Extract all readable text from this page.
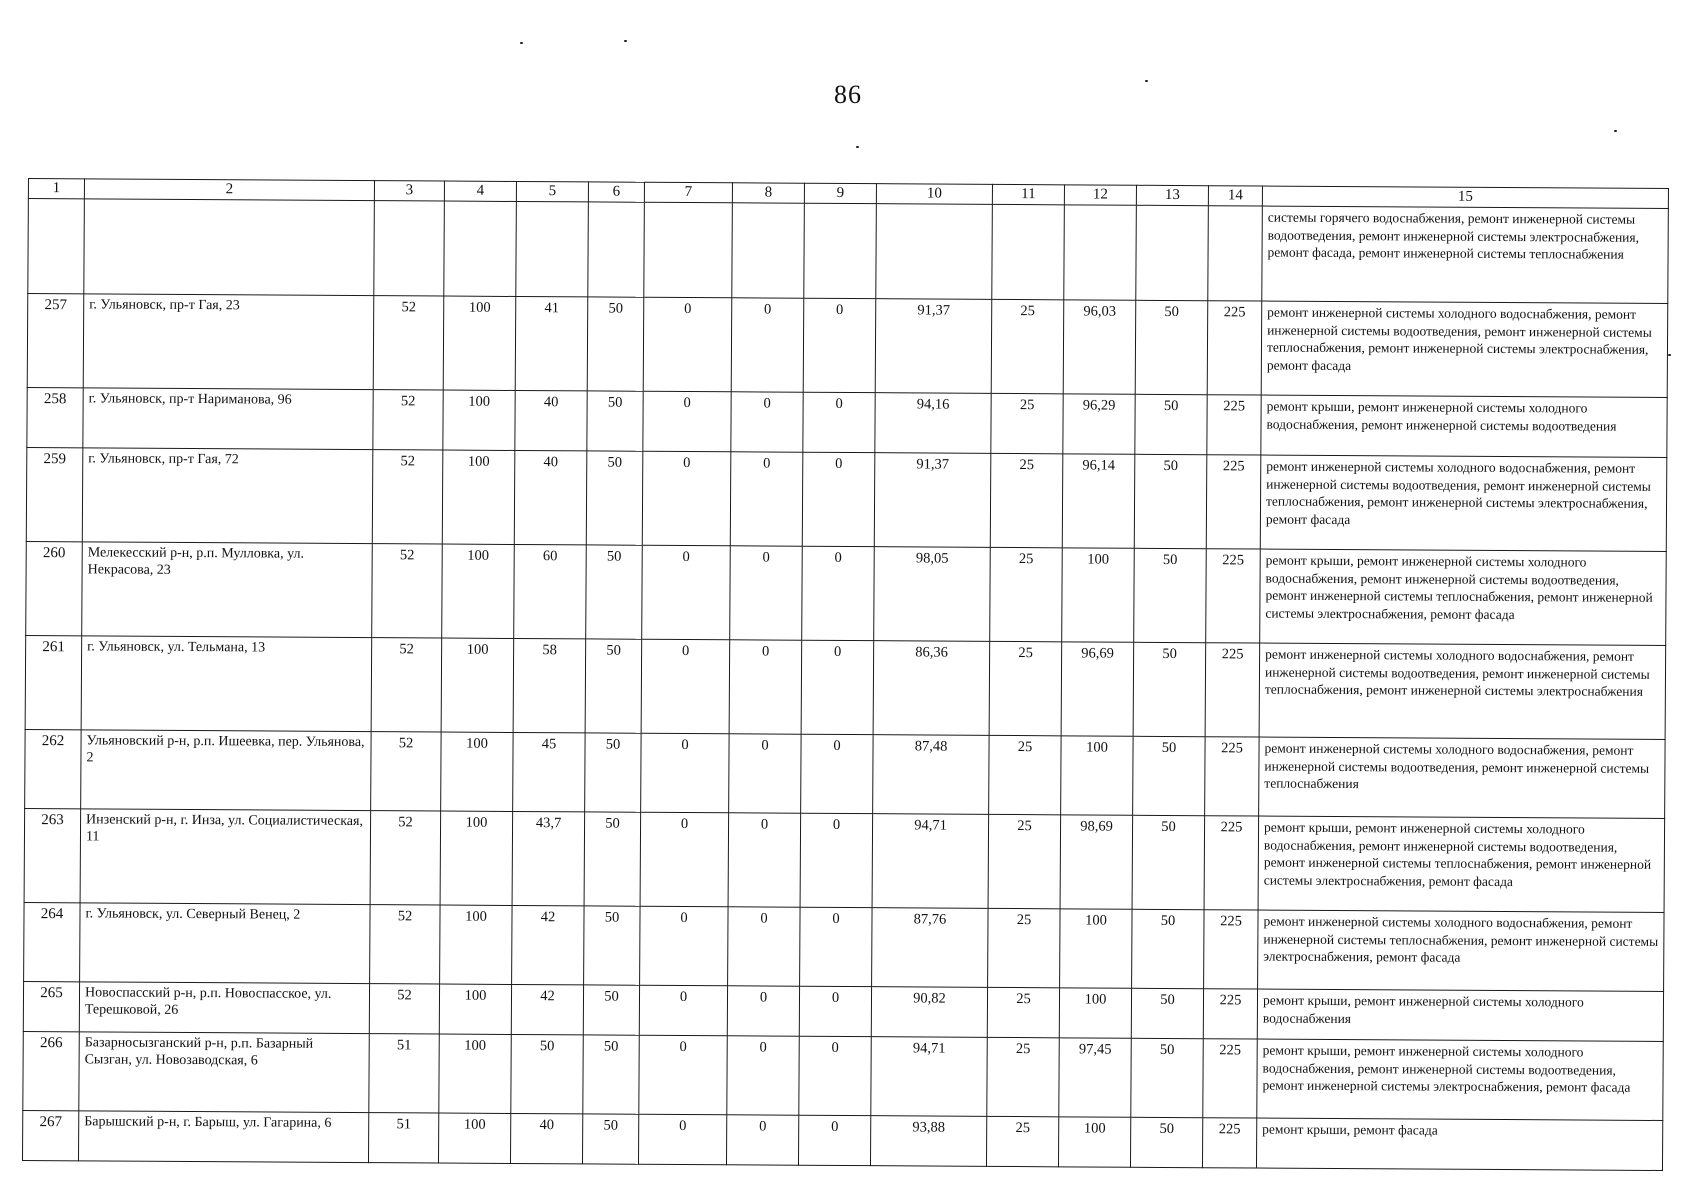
86
1	2	3	4	5	6	7	8	9	10	11	12	13	14	15
														системы горячего водоснабжения, ремонт инженерной системы водоотведения, ремонт инженерной системы электроснабжения, ремонт фасада, ремонт инженерной системы теплоснабжения
257	г. Ульяновск, пр-т Гая, 23	52	100	41	50	0	0	0	91,37	25	96,03	50	225	ремонт инженерной системы холодного водоснабжения, ремонт инженерной системы водоотведения, ремонт инженерной системы теплоснабжения, ремонт инженерной системы электроснабжения, ремонт фасада
258	г. Ульяновск, пр-т Нариманова, 96	52	100	40	50	0	0	0	94,16	25	96,29	50	225	ремонт крыши, ремонт инженерной системы холодного водоснабжения, ремонт инженерной системы водоотведения
259	г. Ульяновск, пр-т Гая, 72	52	100	40	50	0	0	0	91,37	25	96,14	50	225	ремонт инженерной системы холодного водоснабжения, ремонт инженерной системы водоотведения, ремонт инженерной системы теплоснабжения, ремонт инженерной системы электроснабжения, ремонт фасада
260	Мелекесский р-н, р.п. Мулловка, ул. Некрасова, 23	52	100	60	50	0	0	0	98,05	25	100	50	225	ремонт крыши, ремонт инженерной системы холодного водоснабжения, ремонт инженерной системы водоотведения, ремонт инженерной системы теплоснабжения, ремонт инженерной системы электроснабжения, ремонт фасада
261	г. Ульяновск, ул. Тельмана, 13	52	100	58	50	0	0	0	86,36	25	96,69	50	225	ремонт инженерной системы холодного водоснабжения, ремонт инженерной системы водоотведения, ремонт инженерной системы теплоснабжения, ремонт инженерной системы электроснабжения
262	Ульяновский р-н, р.п. Ишеевка, пер. Ульянова, 2	52	100	45	50	0	0	0	87,48	25	100	50	225	ремонт инженерной системы холодного водоснабжения, ремонт инженерной системы водоотведения, ремонт инженерной системы теплоснабжения
263	Инзенский р-н, г. Инза, ул. Социалистическая, 11	52	100	43,7	50	0	0	0	94,71	25	98,69	50	225	ремонт крыши, ремонт инженерной системы холодного водоснабжения, ремонт инженерной системы водоотведения, ремонт инженерной системы теплоснабжения, ремонт инженерной системы электроснабжения, ремонт фасада
264	г. Ульяновск, ул. Северный Венец, 2	52	100	42	50	0	0	0	87,76	25	100	50	225	ремонт инженерной системы холодного водоснабжения, ремонт инженерной системы теплоснабжения, ремонт инженерной системы электроснабжения, ремонт фасада
265	Новоспасский р-н, р.п. Новоспасское, ул. Терешковой, 26	52	100	42	50	0	0	0	90,82	25	100	50	225	ремонт крыши, ремонт инженерной системы холодного водоснабжения
266	Базарносызганский р-н, р.п. Базарный Сызган, ул. Новозаводская, 6	51	100	50	50	0	0	0	94,71	25	97,45	50	225	ремонт крыши, ремонт инженерной системы холодного водоснабжения, ремонт инженерной системы водоотведения, ремонт инженерной системы электроснабжения, ремонт фасада
267	Барышский р-н, г. Барыш, ул. Гагарина, 6	51	100	40	50	0	0	0	93,88	25	100	50	225	ремонт крыши, ремонт фасада
